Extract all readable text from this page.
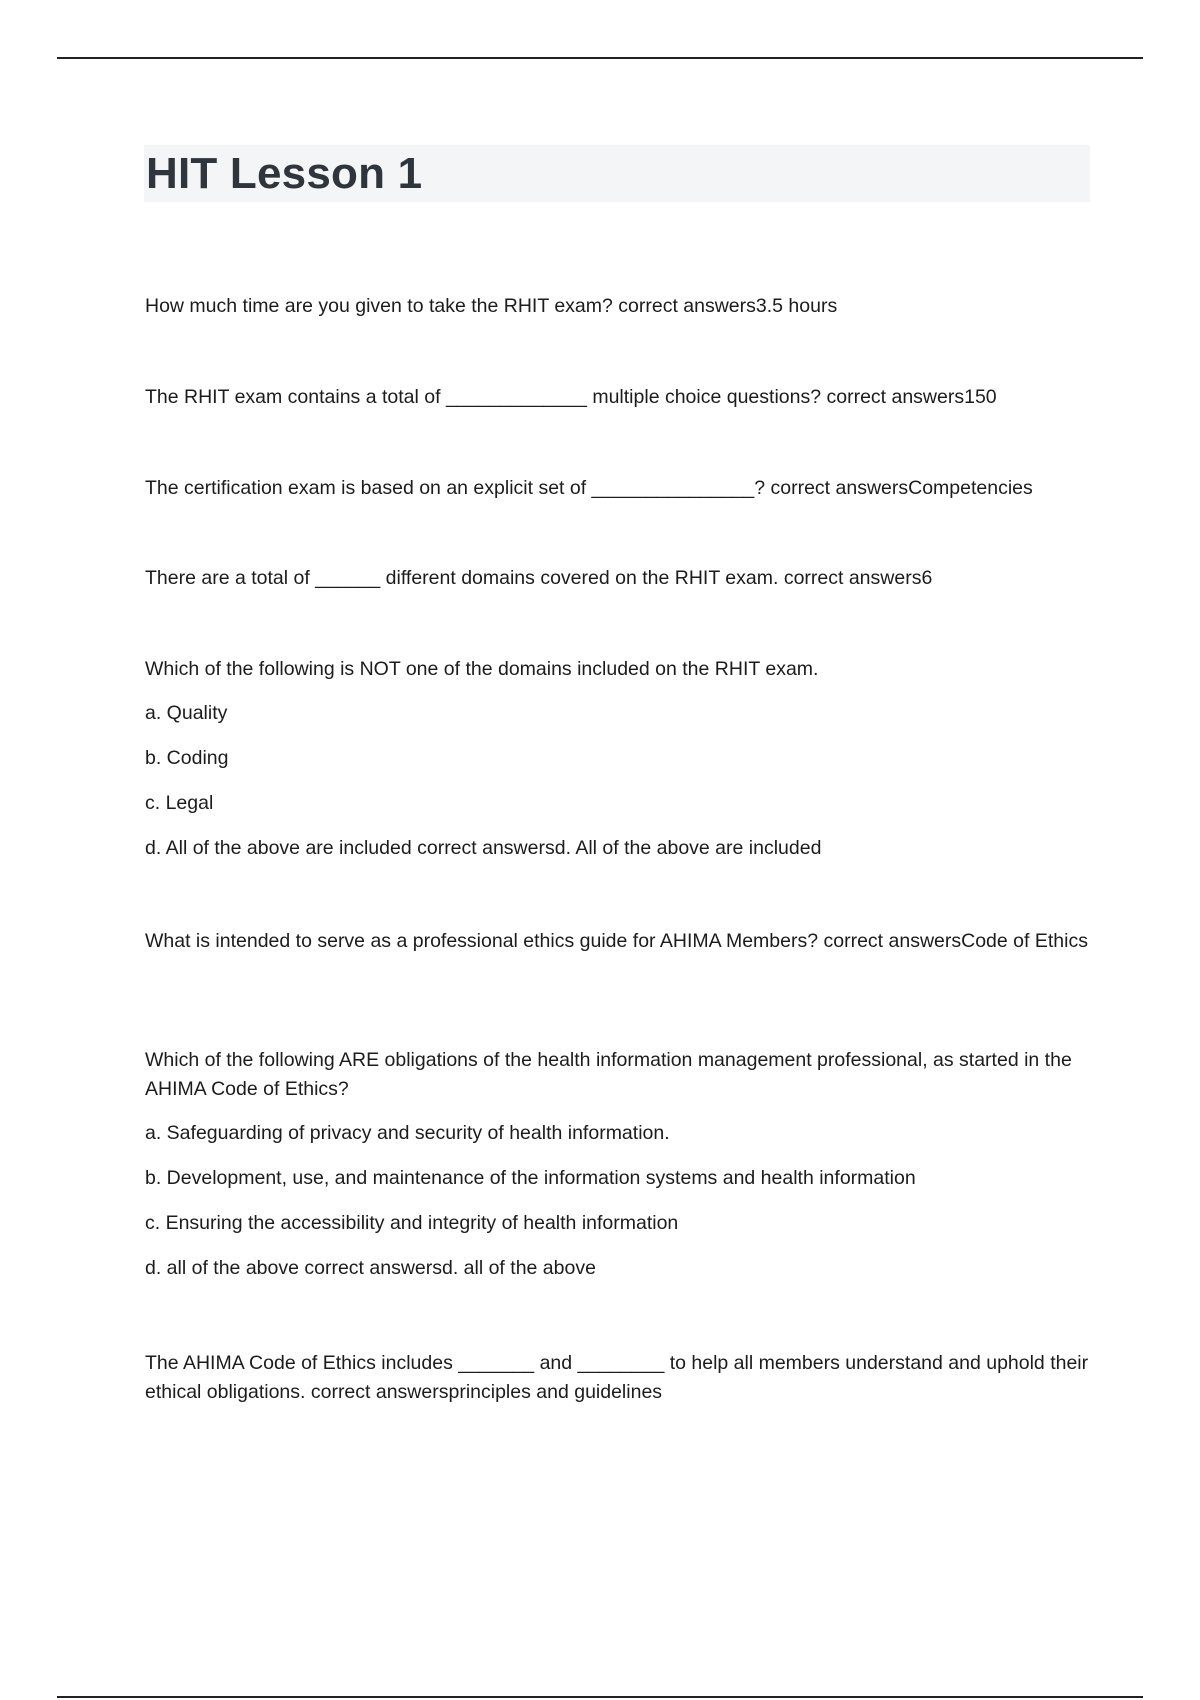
HIT Lesson 1

How much time are you given to take the RHIT exam? correct answers3.5 hours

The RHIT exam contains a total of _____________ multiple choice questions? correct answers150

The certification exam is based on an explicit set of _______________? correct answersCompetencies

There are a total of ______ different domains covered on the RHIT exam. correct answers6

Which of the following is NOT one of the domains included on the RHIT exam.

a. Quality

b. Coding

c. Legal

d. All of the above are included correct answersd. All of the above are included

What is intended to serve as a professional ethics guide for AHIMA Members? correct answersCode of Ethics

Which of the following ARE obligations of the health information management professional, as started in the AHIMA Code of Ethics?

a. Safeguarding of privacy and security of health information.

b. Development, use, and maintenance of the information systems and health information

c. Ensuring the accessibility and integrity of health information

d. all of the above correct answersd. all of the above

The AHIMA Code of Ethics includes _______ and ________ to help all members understand and uphold their ethical obligations. correct answersprinciples and guidelines
